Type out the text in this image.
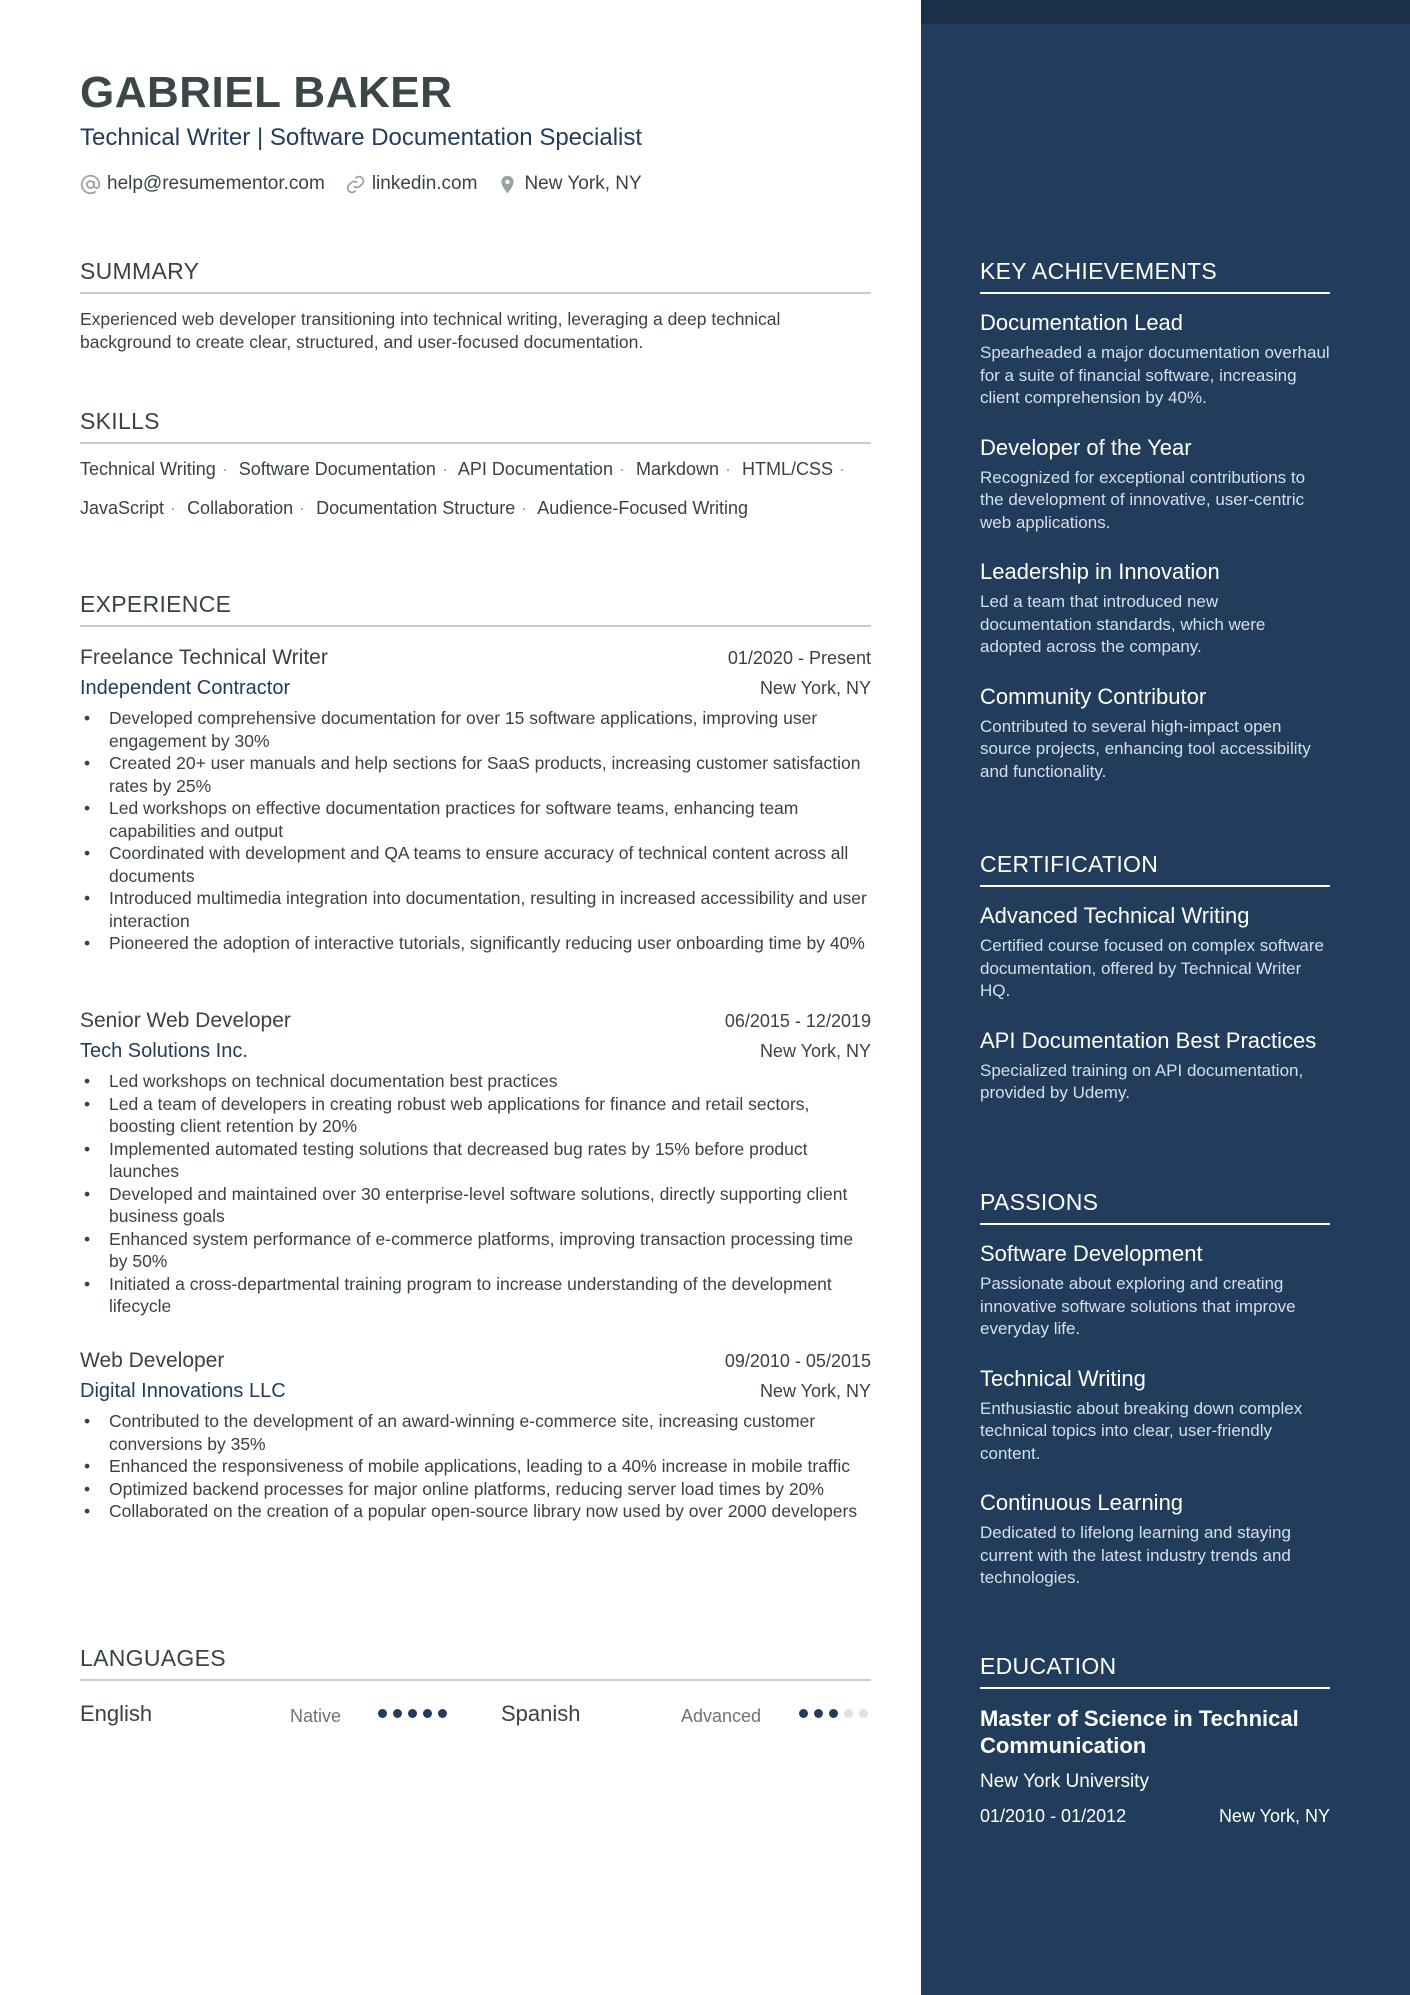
GABRIEL BAKER
Technical Writer | Software Documentation Specialist
help@resumementor.com linkedin.com New York, NY
SUMMARY
Experienced web developer transitioning into technical writing, leveraging a deep technical background to create clear, structured, and user-focused documentation.
SKILLS
Technical Writing · Software Documentation · API Documentation · Markdown · HTML/CSS · JavaScript · Collaboration · Documentation Structure · Audience-Focused Writing
EXPERIENCE
Freelance Technical Writer	01/2020 - Present
Independent Contractor	New York, NY
• Developed comprehensive documentation for over 15 software applications, improving user engagement by 30%
• Created 20+ user manuals and help sections for SaaS products, increasing customer satisfaction rates by 25%
• Led workshops on effective documentation practices for software teams, enhancing team capabilities and output
• Coordinated with development and QA teams to ensure accuracy of technical content across all documents
• Introduced multimedia integration into documentation, resulting in increased accessibility and user interaction
• Pioneered the adoption of interactive tutorials, significantly reducing user onboarding time by 40%
Senior Web Developer	06/2015 - 12/2019
Tech Solutions Inc.	New York, NY
• Led workshops on technical documentation best practices
• Led a team of developers in creating robust web applications for finance and retail sectors, boosting client retention by 20%
• Implemented automated testing solutions that decreased bug rates by 15% before product launches
• Developed and maintained over 30 enterprise-level software solutions, directly supporting client business goals
• Enhanced system performance of e-commerce platforms, improving transaction processing time by 50%
• Initiated a cross-departmental training program to increase understanding of the development lifecycle
Web Developer	09/2010 - 05/2015
Digital Innovations LLC	New York, NY
• Contributed to the development of an award-winning e-commerce site, increasing customer conversions by 35%
• Enhanced the responsiveness of mobile applications, leading to a 40% increase in mobile traffic
• Optimized backend processes for major online platforms, reducing server load times by 20%
• Collaborated on the creation of a popular open-source library now used by over 2000 developers
LANGUAGES
English	Native	Spanish	Advanced
KEY ACHIEVEMENTS
Documentation Lead
Spearheaded a major documentation overhaul for a suite of financial software, increasing client comprehension by 40%.
Developer of the Year
Recognized for exceptional contributions to the development of innovative, user-centric web applications.
Leadership in Innovation
Led a team that introduced new documentation standards, which were adopted across the company.
Community Contributor
Contributed to several high-impact open source projects, enhancing tool accessibility and functionality.
CERTIFICATION
Advanced Technical Writing
Certified course focused on complex software documentation, offered by Technical Writer HQ.
API Documentation Best Practices
Specialized training on API documentation, provided by Udemy.
PASSIONS
Software Development
Passionate about exploring and creating innovative software solutions that improve everyday life.
Technical Writing
Enthusiastic about breaking down complex technical topics into clear, user-friendly content.
Continuous Learning
Dedicated to lifelong learning and staying current with the latest industry trends and technologies.
EDUCATION
Master of Science in Technical Communication
New York University
01/2010 - 01/2012	New York, NY
